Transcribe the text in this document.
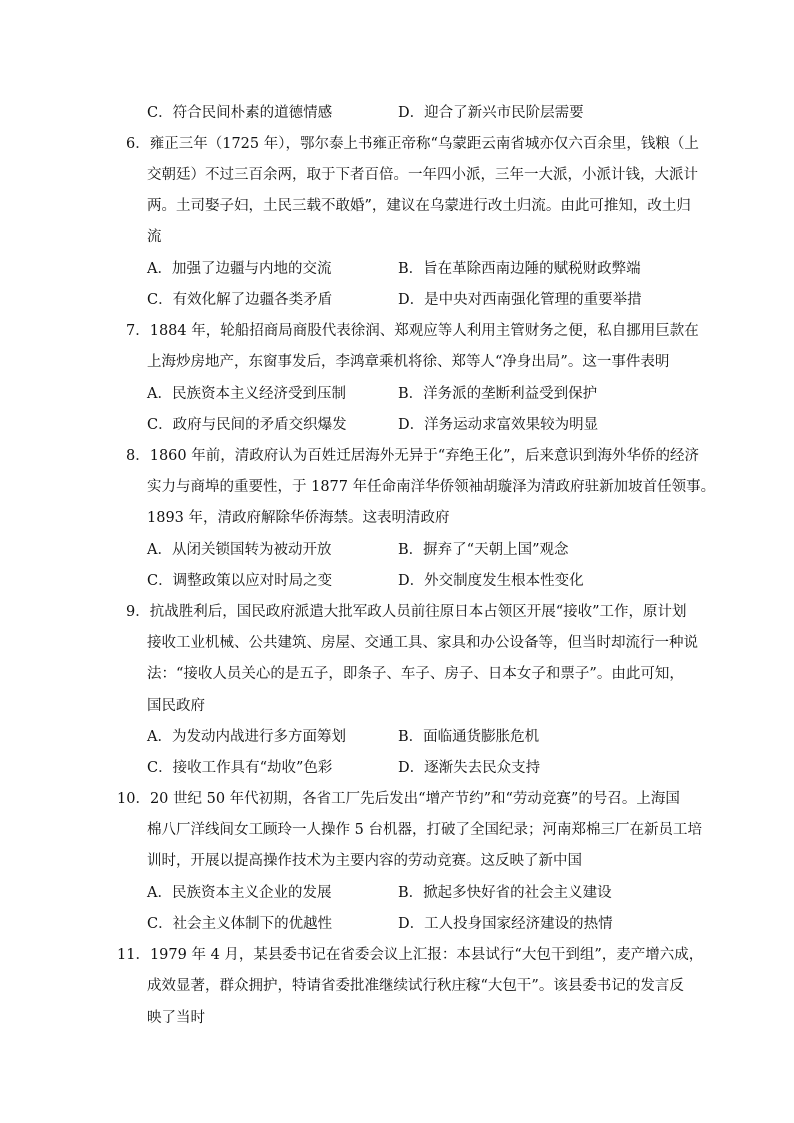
C．符合民间朴素的道德情感	D．迎合了新兴市民阶层需要
6．雍正三年（1725 年），鄂尔泰上书雍正帝称“乌蒙距云南省城亦仅六百余里，钱粮（上
交朝廷）不过三百余两，取于下者百倍。一年四小派，三年一大派，小派计钱，大派计
两。土司娶子妇，土民三载不敢婚”，建议在乌蒙进行改土归流。由此可推知，改土归
流
A．加强了边疆与内地的交流	B．旨在革除西南边陲的赋税财政弊端
C．有效化解了边疆各类矛盾	D．是中央对西南强化管理的重要举措
7．1884 年，轮船招商局商股代表徐润、郑观应等人利用主管财务之便，私自挪用巨款在
上海炒房地产，东窗事发后，李鸿章乘机将徐、郑等人“净身出局”。这一事件表明
A．民族资本主义经济受到压制	B．洋务派的垄断利益受到保护
C．政府与民间的矛盾交织爆发	D．洋务运动求富效果较为明显
8．1860 年前，清政府认为百姓迁居海外无异于“弃绝王化”，后来意识到海外华侨的经济
实力与商埠的重要性，于 1877 年任命南洋华侨领袖胡璇泽为清政府驻新加坡首任领事。
1893 年，清政府解除华侨海禁。这表明清政府
A．从闭关锁国转为被动开放	B．摒弃了“天朝上国”观念
C．调整政策以应对时局之变	D．外交制度发生根本性变化
9．抗战胜利后，国民政府派遣大批军政人员前往原日本占领区开展“接收”工作，原计划
接收工业机械、公共建筑、房屋、交通工具、家具和办公设备等，但当时却流行一种说
法：“接收人员关心的是五子，即条子、车子、房子、日本女子和票子”。由此可知，
国民政府
A．为发动内战进行多方面筹划	B．面临通货膨胀危机
C．接收工作具有“劫收”色彩	D．逐渐失去民众支持
10．20 世纪 50 年代初期，各省工厂先后发出“增产节约”和“劳动竞赛”的号召。上海国
棉八厂洋线间女工顾玲一人操作 5 台机器，打破了全国纪录；河南郑棉三厂在新员工培
训时，开展以提高操作技术为主要内容的劳动竞赛。这反映了新中国
A．民族资本主义企业的发展	B．掀起多快好省的社会主义建设
C．社会主义体制下的优越性	D．工人投身国家经济建设的热情
11．1979 年 4 月，某县委书记在省委会议上汇报：本县试行“大包干到组”，麦产增六成，
成效显著，群众拥护，特请省委批准继续试行秋庄稼“大包干”。该县委书记的发言反
映了当时
